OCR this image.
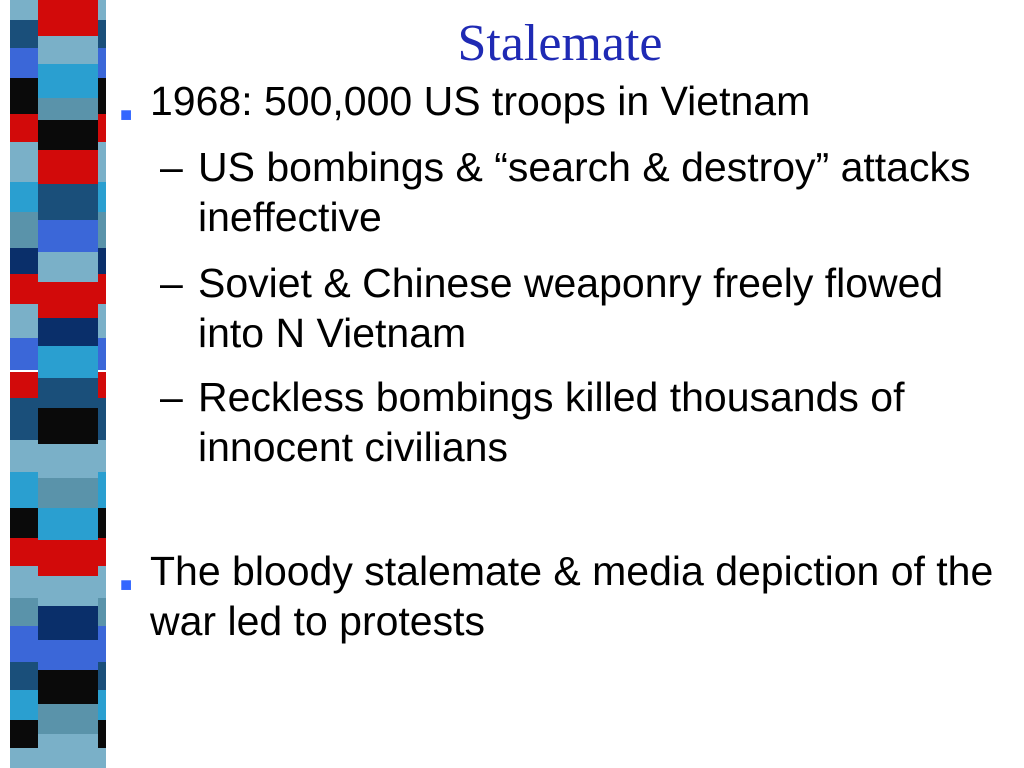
Stalemate
■ 1968: 500,000 US troops in Vietnam
– US bombings & “search & destroy” attacks ineffective
– Soviet & Chinese weaponry freely flowed into N Vietnam
– Reckless bombings killed thousands of innocent civilians
■ The bloody stalemate & media depiction of the war led to protests
